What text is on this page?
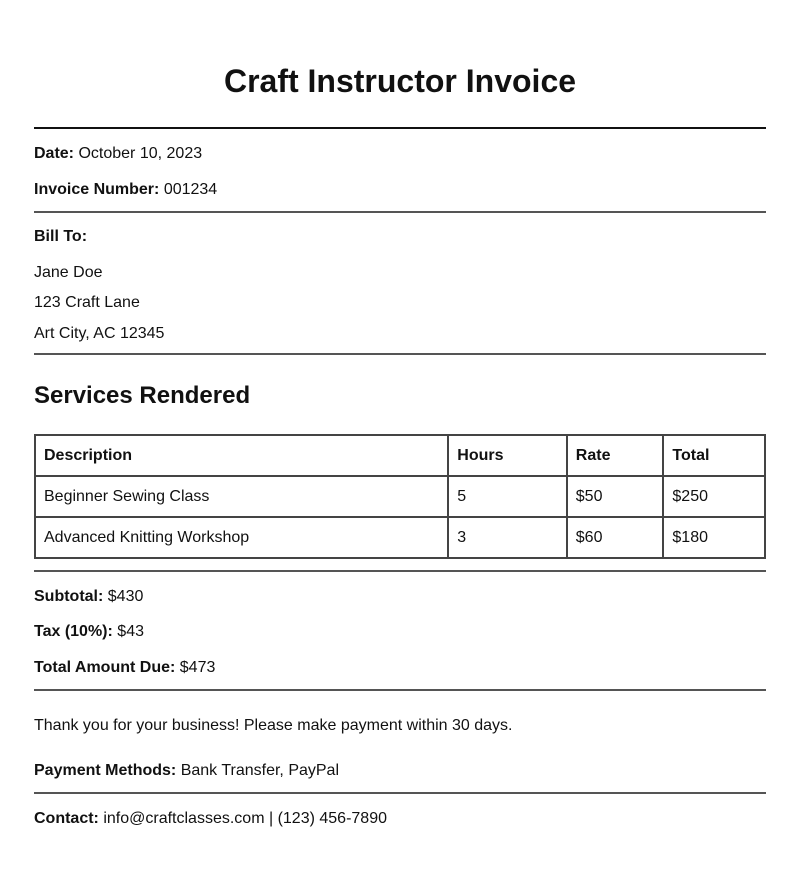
Craft Instructor Invoice
Date: October 10, 2023
Invoice Number: 001234
Bill To:
Jane Doe
123 Craft Lane
Art City, AC 12345
Services Rendered
Description	Hours	Rate	Total
Beginner Sewing Class	5	$50	$250
Advanced Knitting Workshop	3	$60	$180
Subtotal: $430
Tax (10%): $43
Total Amount Due: $473
Thank you for your business! Please make payment within 30 days.
Payment Methods: Bank Transfer, PayPal
Contact: info@craftclasses.com | (123) 456-7890
